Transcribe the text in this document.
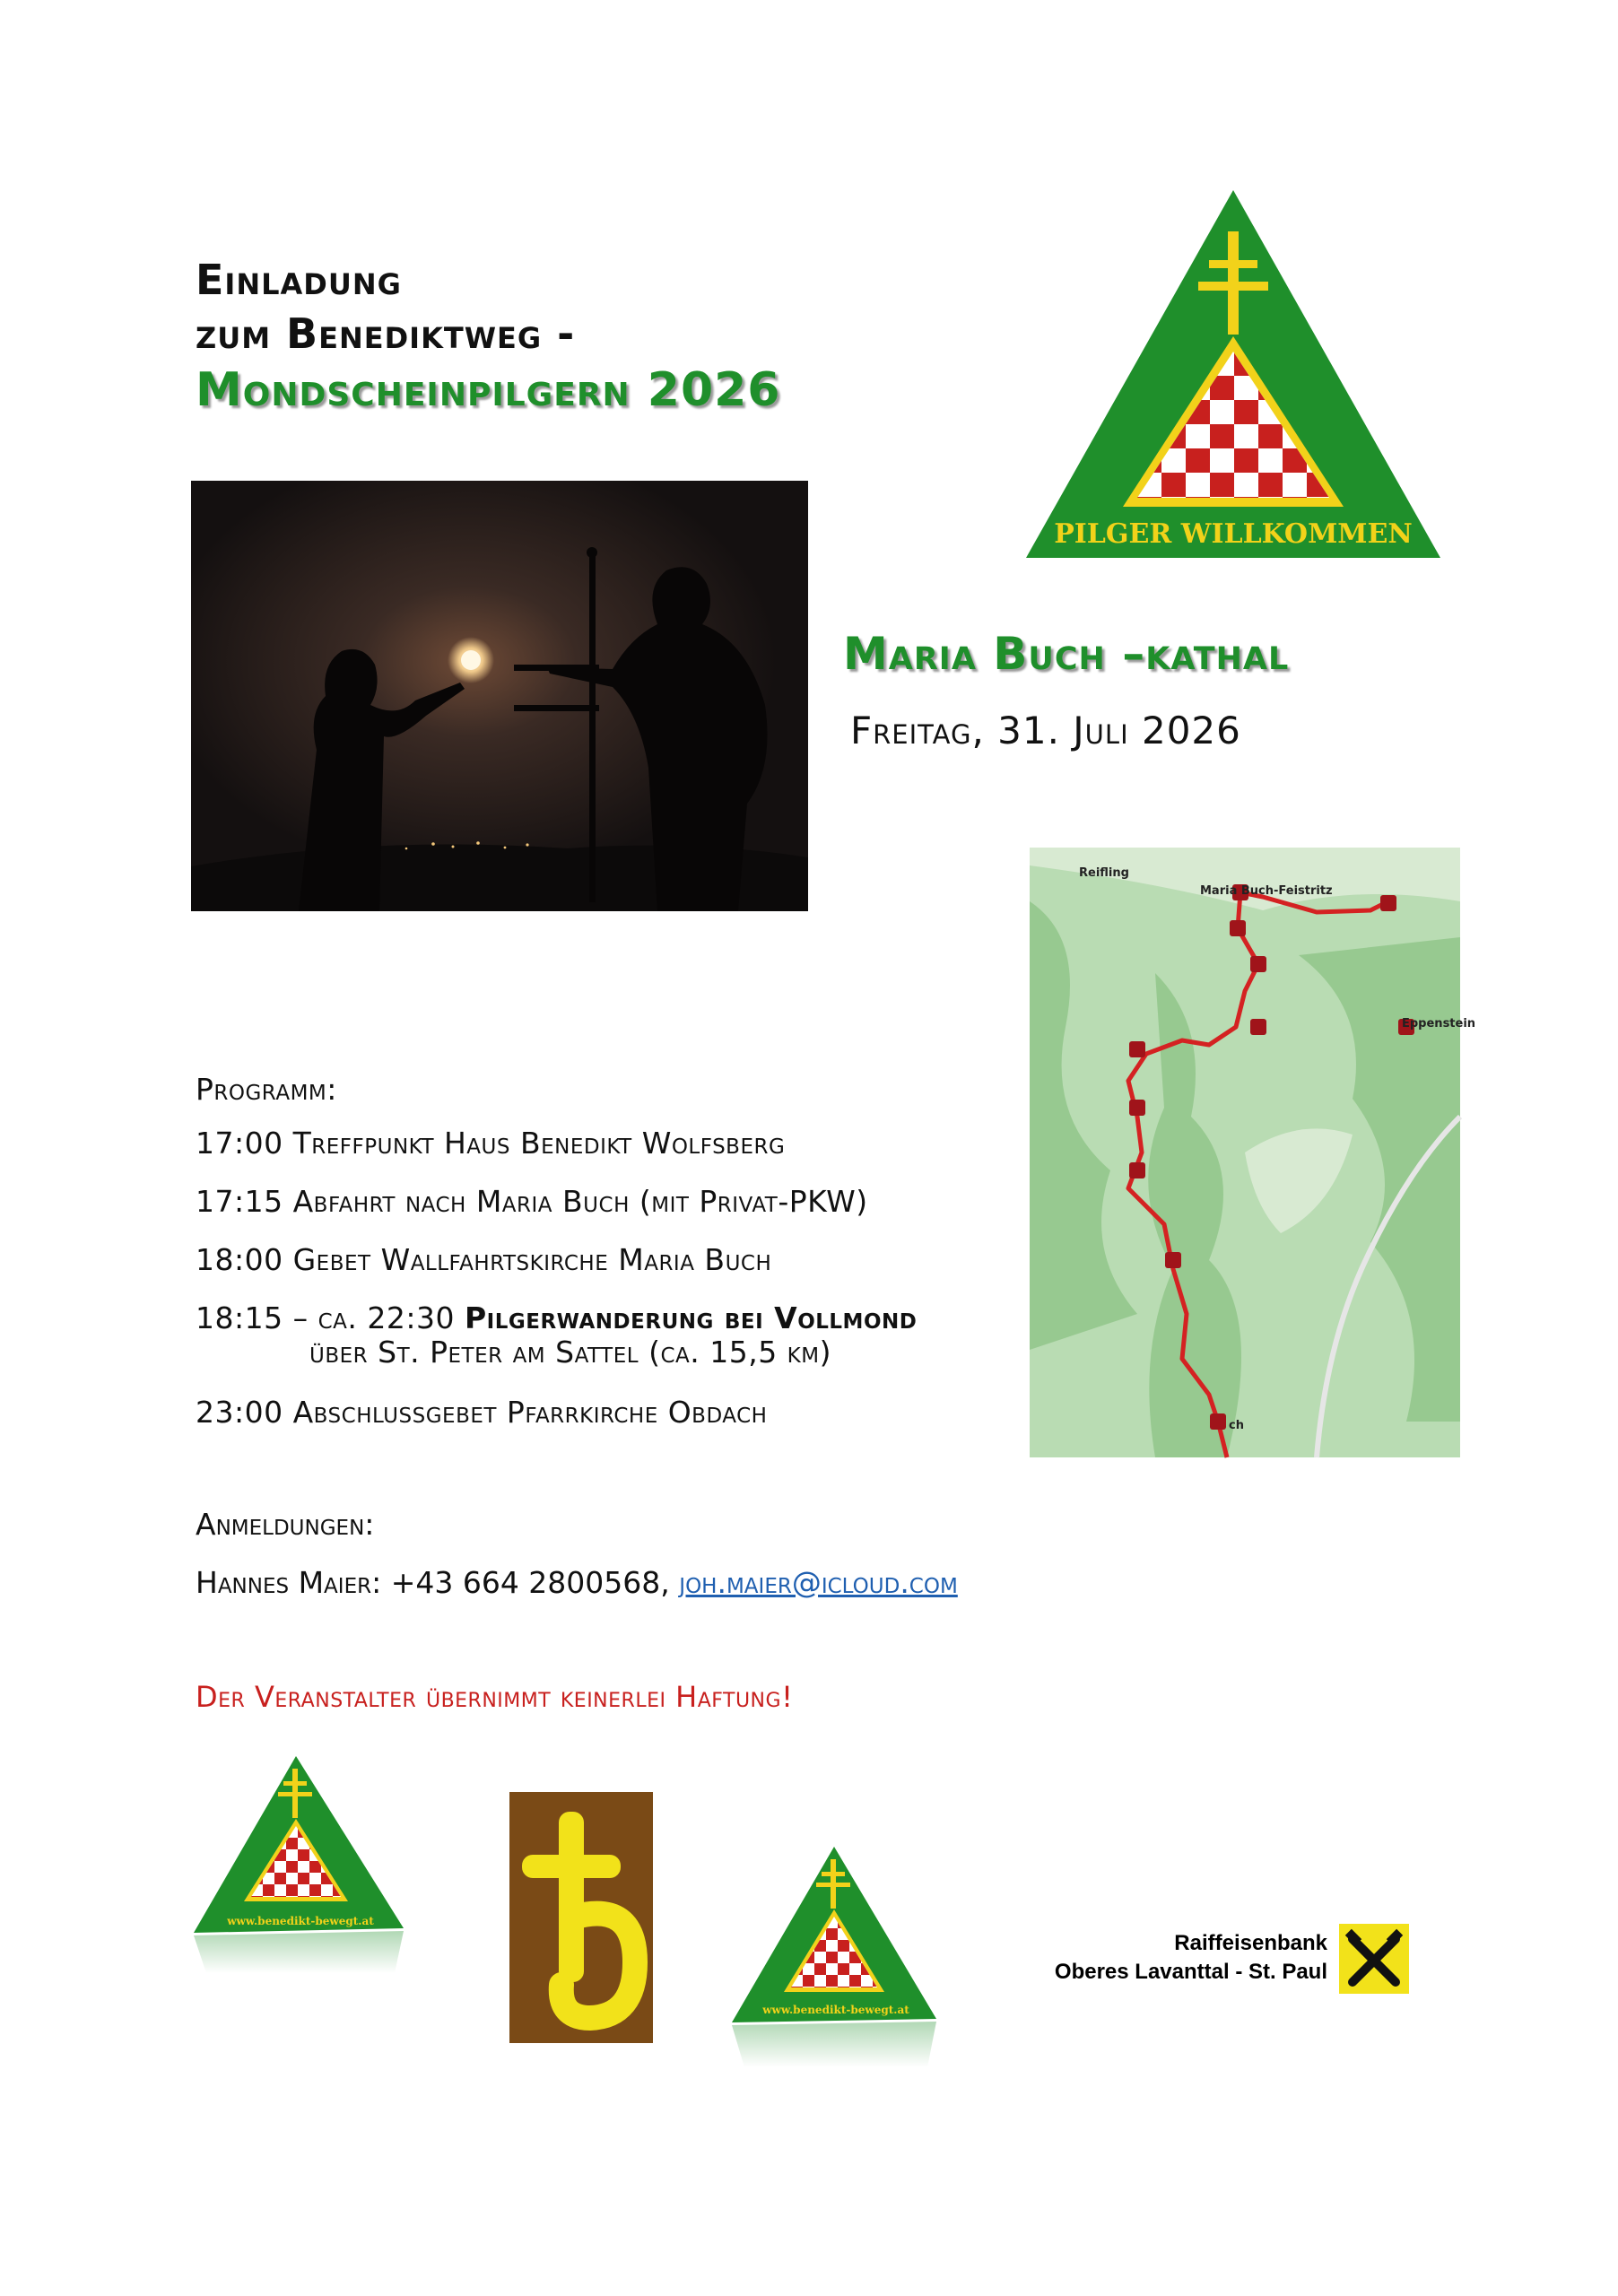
Einladung
zum Benediktweg -
Mondscheinpilgern 2026
PILGER WILLKOMMEN
Maria Buch –kathal
Freitag, 31. Juli 2026
Reifling
Maria Buch-Feistritz
Eppenstein
ch
Programm:
17:00 Treffpunkt Haus Benedikt Wolfsberg
17:15 Abfahrt nach Maria Buch (mit Privat-PKW)
18:00 Gebet Wallfahrtskirche Maria Buch
18:15 – ca. 22:30 Pilgerwanderung bei Vollmond
über St. Peter am Sattel (ca. 15,5 km)
23:00 Abschlussgebet Pfarrkirche Obdach
Anmeldungen:
Hannes Maier: +43 664 2800568, joh.maier@icloud.com
Der Veranstalter übernimmt keinerlei Haftung!
www.benedikt-bewegt.at
www.benedikt-bewegt.at
Raiffeisenbank
Oberes Lavanttal - St. Paul
